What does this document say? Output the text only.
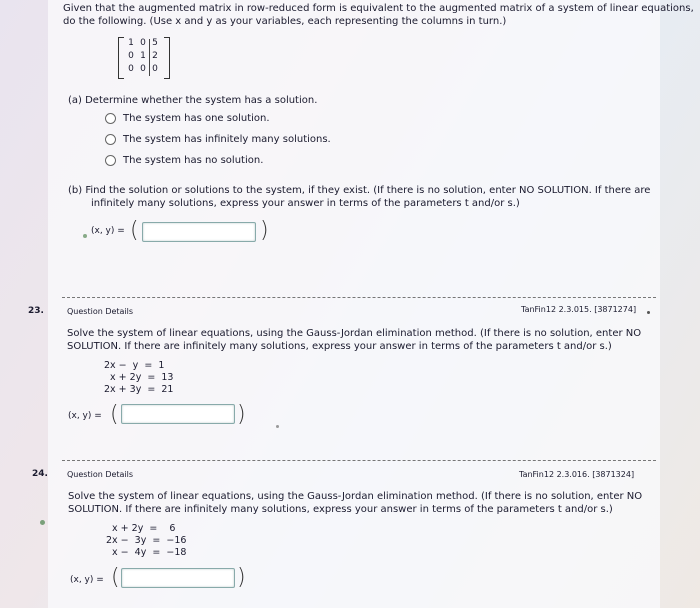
Given that the augmented matrix in row-reduced form is equivalent to the augmented matrix of a system of linear equations,
do the following. (Use x and y as your variables, each representing the columns in turn.)
1 0 5
0 1 2
0 0 0
(a) Determine whether the system has a solution.
The system has one solution.
The system has infinitely many solutions.
The system has no solution.
(b) Find the solution or solutions to the system, if they exist. (If there is no solution, enter NO SOLUTION. If there are
infinitely many solutions, express your answer in terms of the parameters t and/or s.)
(x, y) = (	)
23.	Question Details	TanFin12 2.3.015. [3871274]
Solve the system of linear equations, using the Gauss-Jordan elimination method. (If there is no solution, enter NO
SOLUTION. If there are infinitely many solutions, express your answer in terms of the parameters t and/or s.)
2x −  y  =  1
x + 2y  =  13
2x + 3y  =  21
(x, y) = (	)
24. Question Details	TanFin12 2.3.016. [3871324]
Solve the system of linear equations, using the Gauss-Jordan elimination method. (If there is no solution, enter NO
SOLUTION. If there are infinitely many solutions, express your answer in terms of the parameters t and/or s.)
x + 2y  =    6
2x −  3y  =  −16
x −  4y  =  −18
(x, y) = (	)
